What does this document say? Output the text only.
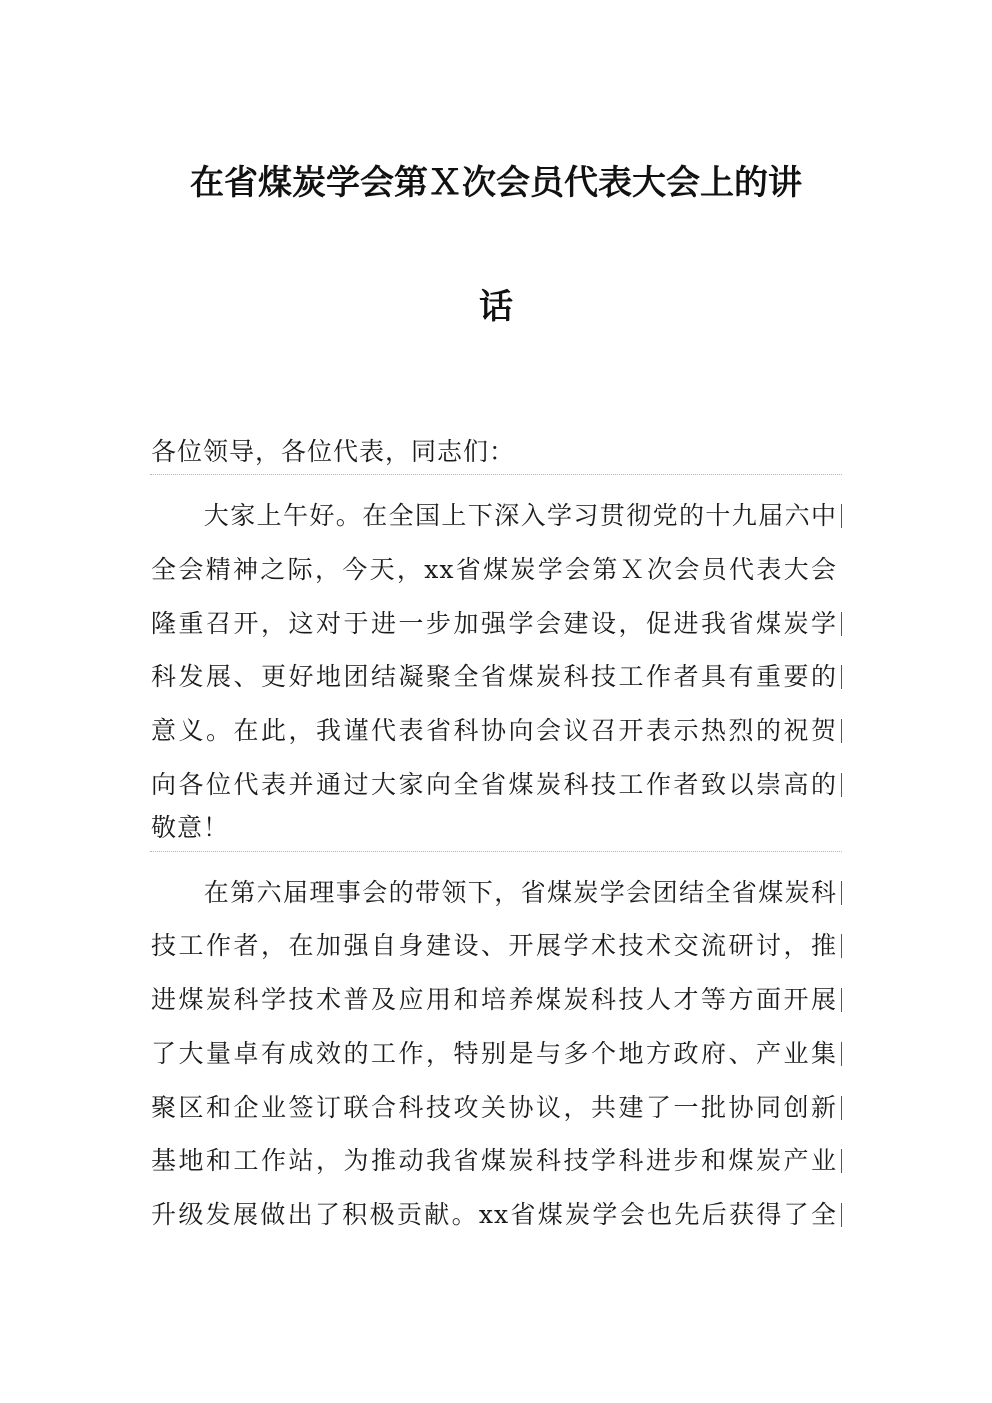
在省煤炭学会第Ｘ次会员代表大会上的讲
话
各位领导，各位代表，同志们：
　　大家上午好。在全国上下深入学习贯彻党的十九届六中
全会精神之际，今天，xx省煤炭学会第Ｘ次会员代表大会
隆重召开，这对于进一步加强学会建设，促进我省煤炭学
科发展、更好地团结凝聚全省煤炭科技工作者具有重要的
意义。在此，我谨代表省科协向会议召开表示热烈的祝贺
向各位代表并通过大家向全省煤炭科技工作者致以崇高的
敬意！
　　在第六届理事会的带领下，省煤炭学会团结全省煤炭科
技工作者，在加强自身建设、开展学术技术交流研讨，推
进煤炭科学技术普及应用和培养煤炭科技人才等方面开展
了大量卓有成效的工作，特别是与多个地方政府、产业集
聚区和企业签订联合科技攻关协议，共建了一批协同创新
基地和工作站，为推动我省煤炭科技学科进步和煤炭产业
升级发展做出了积极贡献。xx省煤炭学会也先后获得了全
